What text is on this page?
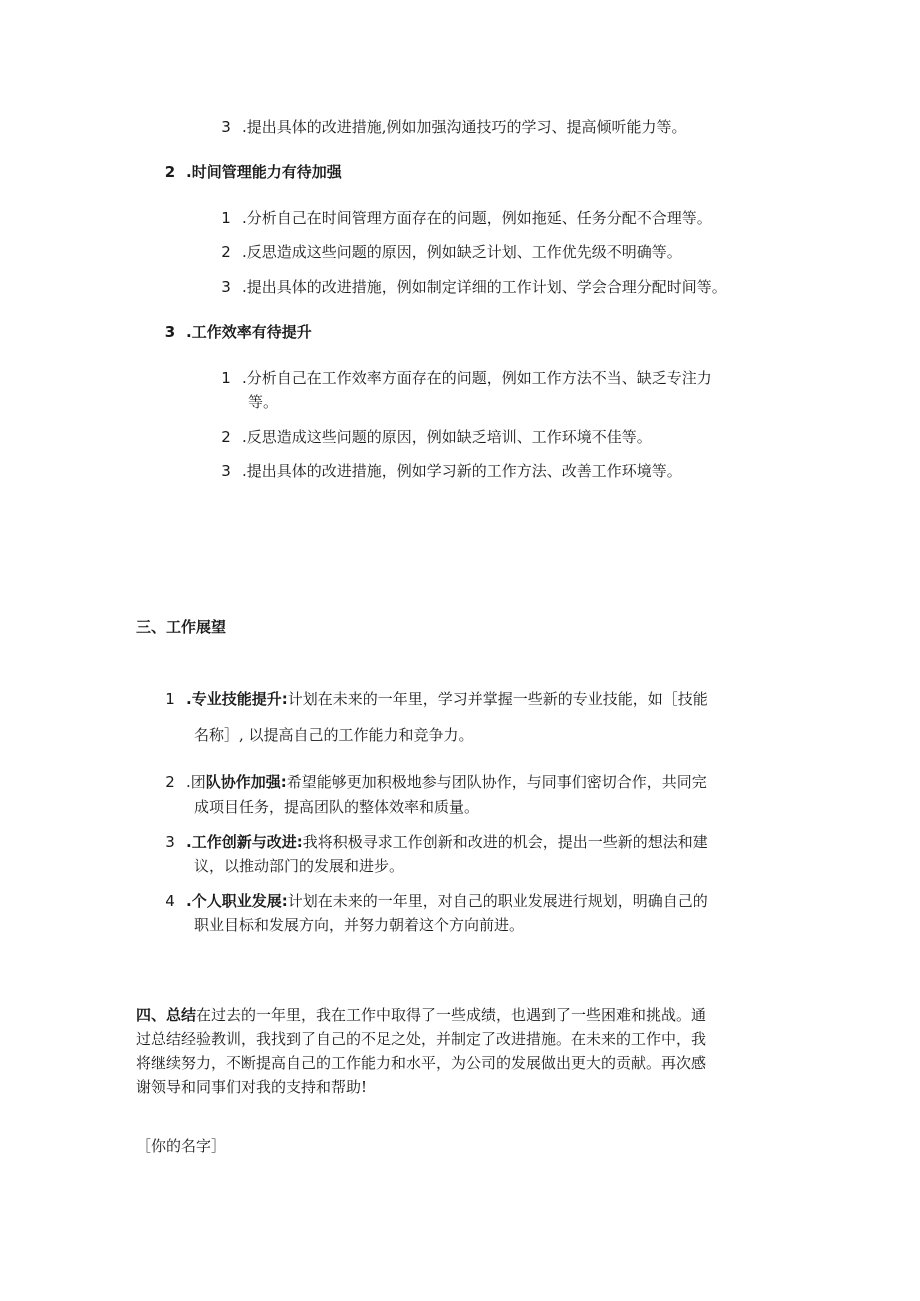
3 .提出具体的改进措施,例如加强沟通技巧的学习、提高倾听能力等。
2 .时间管理能力有待加强
1 .分析自己在时间管理方面存在的问题，例如拖延、任务分配不合理等。
2 .反思造成这些问题的原因，例如缺乏计划、工作优先级不明确等。
3 .提出具体的改进措施，例如制定详细的工作计划、学会合理分配时间等。
3 .工作效率有待提升
1 .分析自己在工作效率方面存在的问题，例如工作方法不当、缺乏专注力
等。
2 .反思造成这些问题的原因，例如缺乏培训、工作环境不佳等。
3 .提出具体的改进措施，例如学习新的工作方法、改善工作环境等。
三、工作展望
1 .专业技能提升:计划在未来的一年里，学习并掌握一些新的专业技能，如［技能
名称］, 以提高自己的工作能力和竞争力。
2 .团队协作加强:希望能够更加积极地参与团队协作，与同事们密切合作，共同完
成项目任务，提高团队的整体效率和质量。
3 .工作创新与改进:我将积极寻求工作创新和改进的机会，提出一些新的想法和建
议，以推动部门的发展和进步。
4 .个人职业发展:计划在未来的一年里，对自己的职业发展进行规划，明确自己的
职业目标和发展方向，并努力朝着这个方向前进。
四、总结在过去的一年里，我在工作中取得了一些成绩，也遇到了一些困难和挑战。通
过总结经验教训，我找到了自己的不足之处，并制定了改进措施。在未来的工作中，我
将继续努力，不断提高自己的工作能力和水平，为公司的发展做出更大的贡献。再次感
谢领导和同事们对我的支持和帮助!
［你的名字］
